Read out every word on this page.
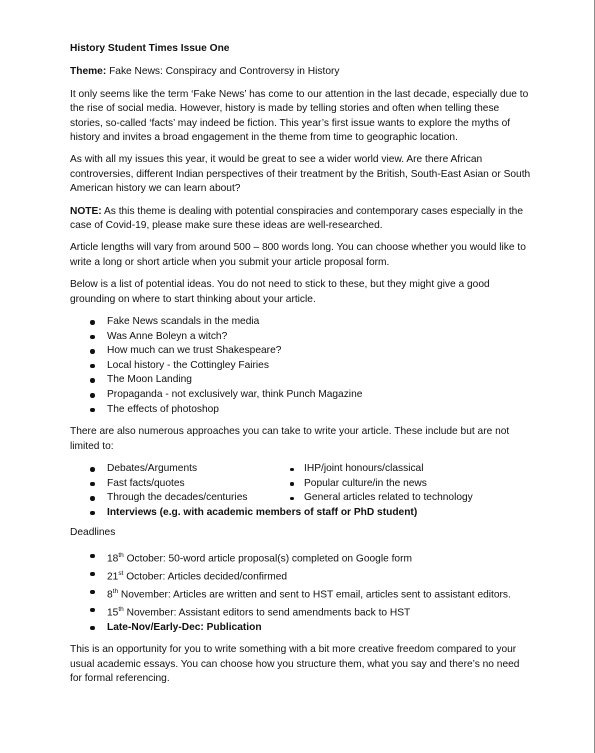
History Student Times Issue One

Theme: Fake News: Conspiracy and Controversy in History

It only seems like the term ‘Fake News’ has come to our attention in the last decade, especially due to the rise of social media. However, history is made by telling stories and often when telling these stories, so-called ‘facts’ may indeed be fiction. This year’s first issue wants to explore the myths of history and invites a broad engagement in the theme from time to geographic location.

As with all my issues this year, it would be great to see a wider world view. Are there African controversies, different Indian perspectives of their treatment by the British, South-East Asian or South American history we can learn about?

NOTE: As this theme is dealing with potential conspiracies and contemporary cases especially in the case of Covid-19, please make sure these ideas are well-researched.

Article lengths will vary from around 500 – 800 words long. You can choose whether you would like to write a long or short article when you submit your article proposal form.

Below is a list of potential ideas. You do not need to stick to these, but they might give a good grounding on where to start thinking about your article.

Fake News scandals in the media
Was Anne Boleyn a witch?
How much can we trust Shakespeare?
Local history - the Cottingley Fairies
The Moon Landing
Propaganda - not exclusively war, think Punch Magazine
The effects of photoshop

There are also numerous approaches you can take to write your article. These include but are not limited to:

Debates/Arguments	IHP/joint honours/classical
Fast facts/quotes	Popular culture/in the news
Through the decades/centuries	General articles related to technology
Interviews (e.g. with academic members of staff or PhD student)

Deadlines

18th October: 50-word article proposal(s) completed on Google form
21st October: Articles decided/confirmed
8th November: Articles are written and sent to HST email, articles sent to assistant editors.
15th November: Assistant editors to send amendments back to HST
Late-Nov/Early-Dec: Publication

This is an opportunity for you to write something with a bit more creative freedom compared to your usual academic essays. You can choose how you structure them, what you say and there’s no need for formal referencing.
